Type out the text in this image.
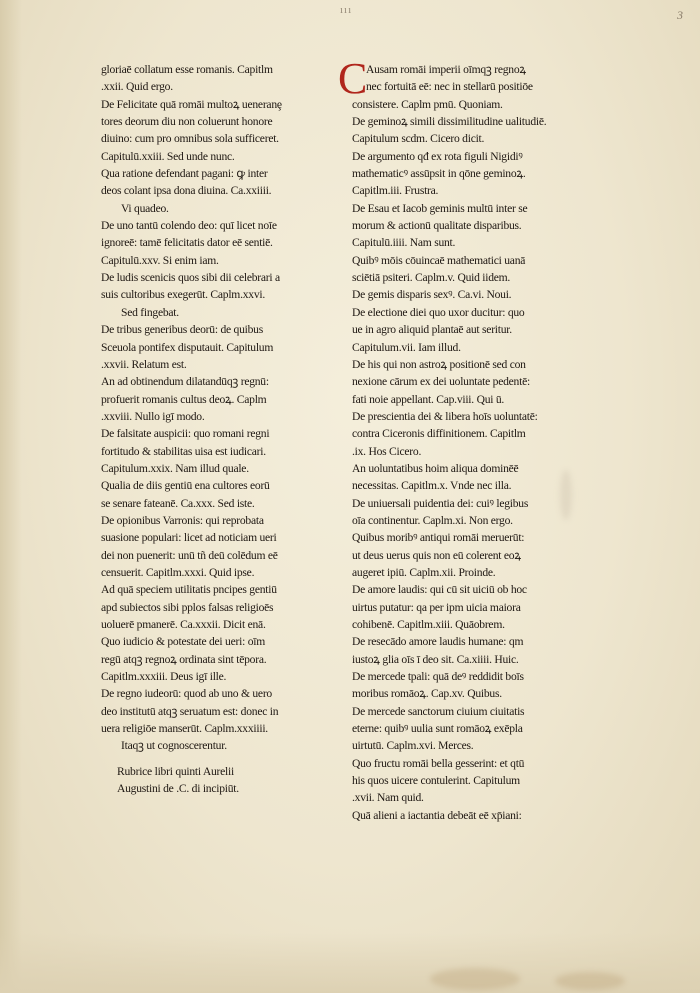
ııı	3
gloriaē collatum esse romanis. Capitlm
.xxii. Quid ergo.
De Felicitate quā romāi multoꝝ ueneranȩ
tores deorum diu non coluerunt honore
diuino: cum pro omnibus sola sufficeret.
Capitulū.xxiii. Sed unde nunc.
Qua ratione defendant pagani: ꝙ inter
deos colant ipsa dona diuina. Ca.xxiiii.
Vi quadeo.
De uno tantū colendo deo: quī licet noīe
ignoreē: tamē felicitatis dator eē sentiē.
Capitulū.xxv. Si enim iam.
De ludis scenicis quos sibi dii celebrari a
suis cultoribus exegerūt. Caplm.xxvi.
Sed fingebat.
De tribus generibus deorū: de quibus
Sceuola pontifex disputauit. Capitulum
.xxvii. Relatum est.
An ad obtinendum dilatandūqꝫ regnū:
profuerit romanis cultus deoꝝ. Caplm
.xxviii. Nullo igī modo.
De falsitate auspicii: quo romani regni
fortitudo & stabilitas uisa est iudicari.
Capitulum.xxix. Nam illud quale.
Qualia de diis gentiū ena cultores eorū
se senare fateanē. Ca.xxx. Sed iste.
De opionibus Varronis: qui reprobata
suasione populari: licet ad noticiam ueri
dei non puenerit: unū tñ deū colēdum eē
censuerit. Capitlm.xxxi. Quid ipse.
Ad quā speciem utilitatis pncipes gentiū
apd subiectos sibi pplos falsas religioēs
uoluerē pmanerē. Ca.xxxii. Dicit enā.
Quo iudicio & potestate dei ueri: oīm
regū atqꝫ regnoꝝ ordinata sint tēpora.
Capitlm.xxxiii. Deus igī ille.
De regno iudeorū: quod ab uno & uero
deo institutū atqꝫ seruatum est: donec in
uera religiōe manserūt. Caplm.xxxiiii.
Itaqꝫ ut cognoscerentur.
Rubrice libri quinti Aurelii
Augustini de .C. di incipiūt.
C
Ausam romāi imperii oīmqꝫ regnoꝝ
nec fortuitā eē: nec in stellarū positiōe
consistere. Caplm pmū. Quoniam.
De geminoꝝ simili dissimilitudine ualitudiē.
Capitulum scdm. Cicero dicit.
De argumento qđ ex rota figuli Nigidiꝰ
mathematicꝰ assūpsit in qōne geminoꝝ.
Capitlm.iii. Frustra.
De Esau et Iacob geminis multū inter se
morum & actionū qualitate disparibus.
Capitulū.iiii. Nam sunt.
Quibꝰ mōis cōuincaē mathematici uanā
sciētiā psiteri. Caplm.v. Quid iidem.
De gemis disparis sexꝰ. Ca.vi. Noui.
De electione diei quo uxor ducitur: quo
ue in agro aliquid plantaē aut seritur.
Capitulum.vii. Iam illud.
De his qui non astroꝝ positionē sed con
nexione cārum ex dei uoluntate pedentē:
fati noie appellant. Cap.viii. Qui ū.
De prescientia dei & libera hoīs uoluntatē:
contra Ciceronis diffinitionem. Capitlm
.ix. Hos Cicero.
An uoluntatibus hoim aliqua dominēē
necessitas. Capitlm.x. Vnde nec illa.
De uniuersali puidentia dei: cuiꝰ legibus
oīa continentur. Caplm.xi. Non ergo.
Quibus moribꝰ antiqui romāi meruerūt:
ut deus uerus quis non eū colerent eoꝝ
augeret ipiū. Caplm.xii. Proinde.
De amore laudis: qui cū sit uiciū ob hoc
uirtus putatur: qa per ipm uicia maiora
cohibenē. Capitlm.xiii. Quāobrem.
De resecādo amore laudis humane: qm
iustoꝝ glia oīs ī deo sit. Ca.xiiii. Huic.
De mercede tpali: quā deꝰ reddidit boīs
moribus romāoꝝ. Cap.xv. Quibus.
De mercede sanctorum ciuium ciuitatis
eterne: quibꝰ uulia sunt romāoꝝ exēpla
uirtutū. Caplm.xvi. Merces.
Quo fructu romāi bella gesserint: et qtū
his quos uicere contulerint. Capitulum
.xvii. Nam quid.
Quā alieni a iactantia debeāt eē xp̄iani:
